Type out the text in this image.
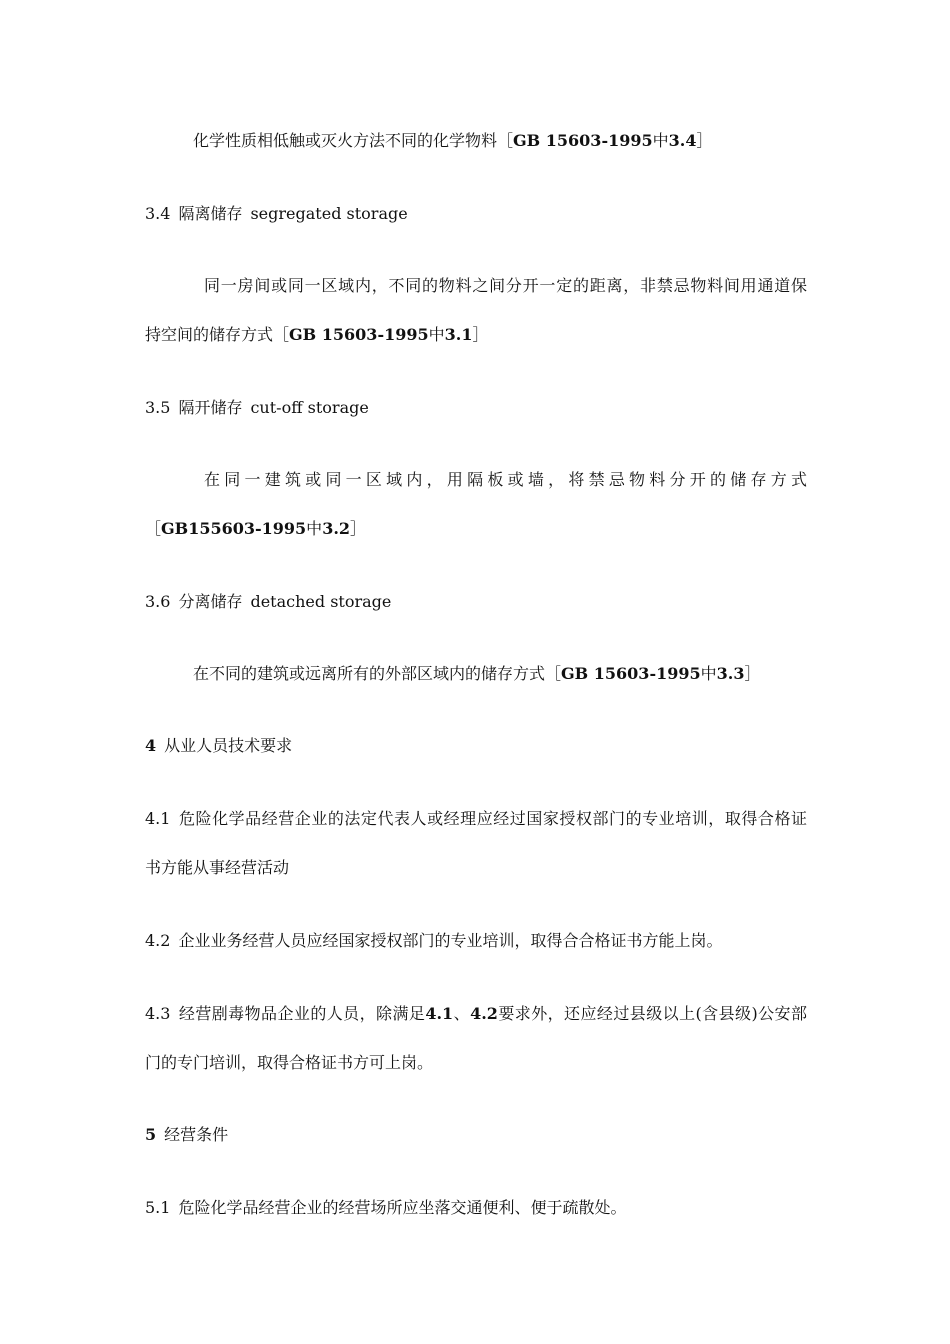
化学性质相低触或灭火方法不同的化学物料［GB 15603-1995中3.4］
3.4 隔离储存 segregated storage
同一房间或同一区域内，不同的物料之间分开一定的距离，非禁忌物料间用通道保
持空间的储存方式［GB 15603-1995中3.1］
3.5 隔开储存 cut-off storage
在同一建筑或同一区域内，用隔板或墙，将禁忌物料分开的储存方式
［GB155603-1995中3.2］
3.6 分离储存 detached storage
在不同的建筑或远离所有的外部区域内的储存方式［GB 15603-1995中3.3］
4 从业人员技术要求
4.1 危险化学品经营企业的法定代表人或经理应经过国家授权部门的专业培训，取得合格证
书方能从事经营活动
4.2 企业业务经营人员应经国家授权部门的专业培训，取得合合格证书方能上岗。
4.3 经营剧毒物品企业的人员，除满足4.1、4.2要求外，还应经过县级以上(含县级)公安部
门的专门培训，取得合格证书方可上岗。
5 经营条件
5.1 危险化学品经营企业的经营场所应坐落交通便利、便于疏散处。
